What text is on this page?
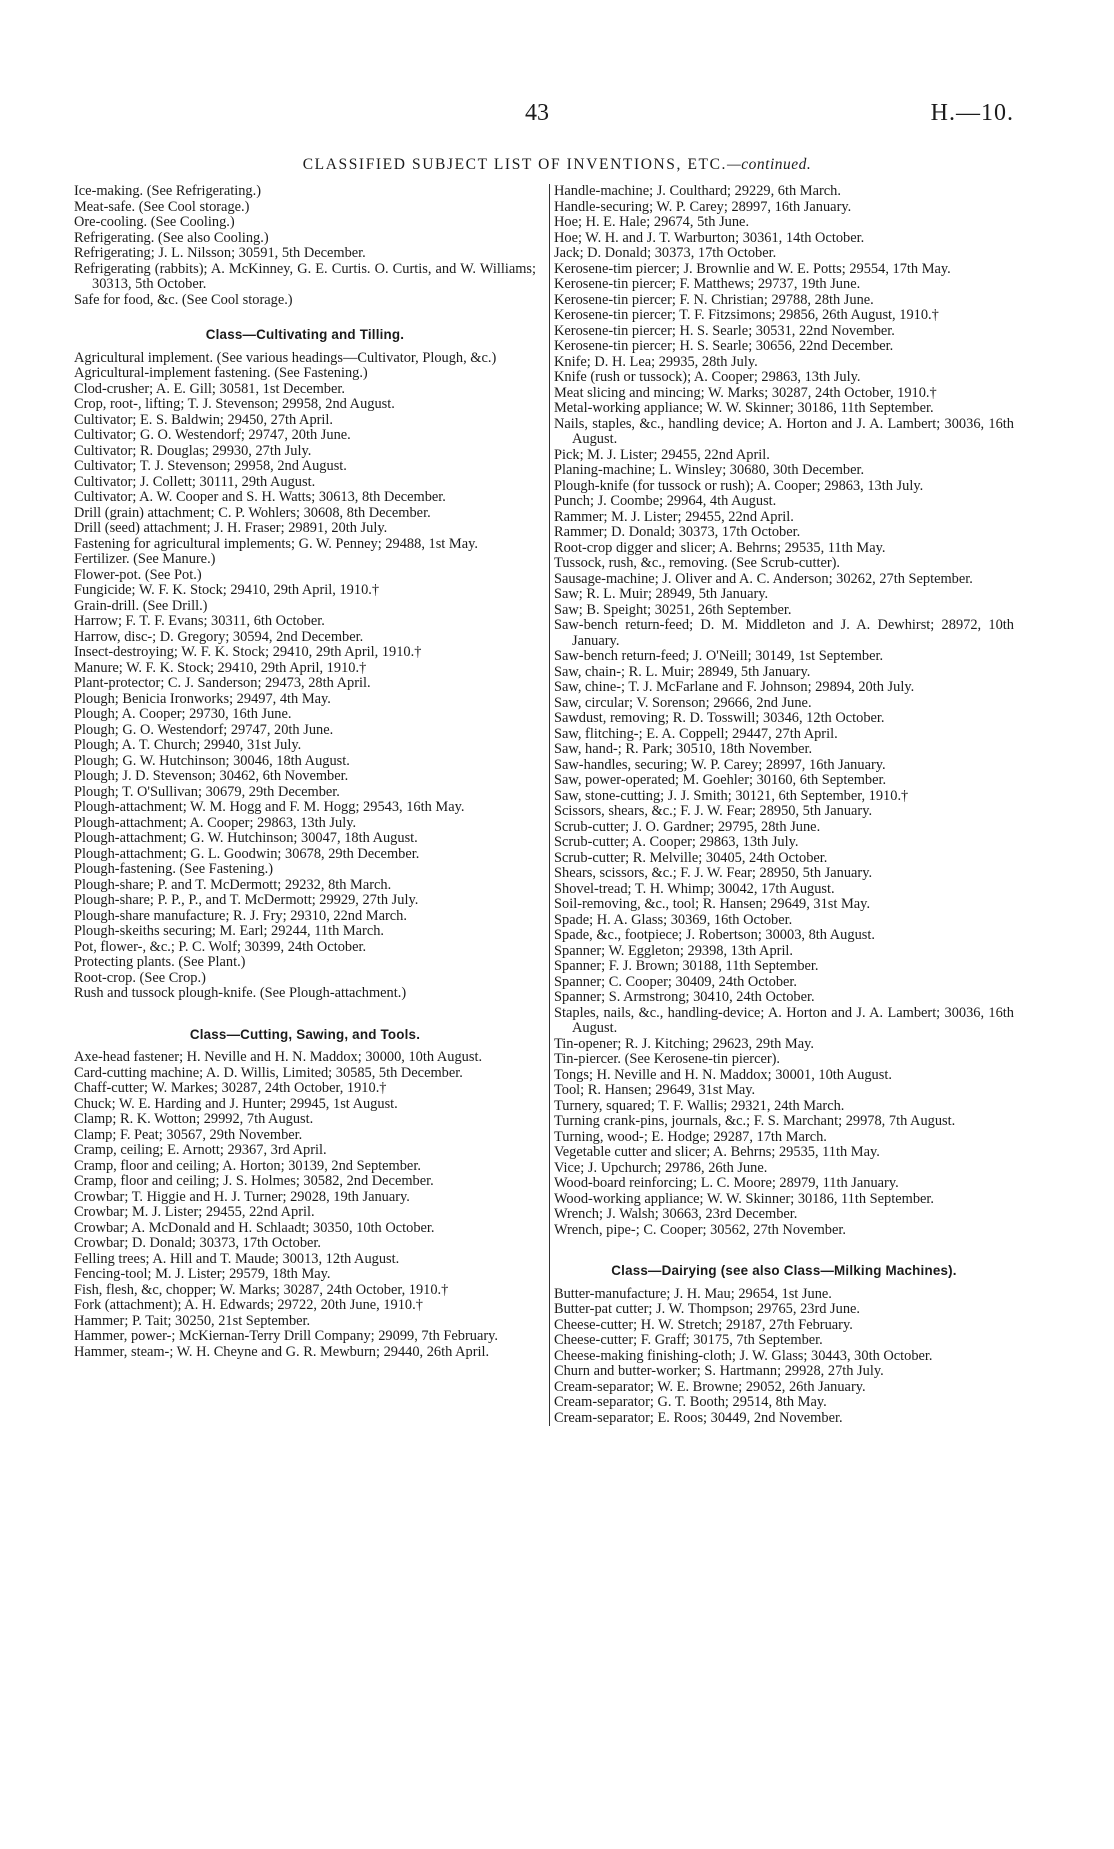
43	H.—10.
CLASSIFIED SUBJECT LIST OF INVENTIONS, ETC.—continued.

Ice-making. (See Refrigerating.)

Meat-safe. (See Cool storage.)

Ore-cooling. (See Cooling.)

Refrigerating. (See also Cooling.)

Refrigerating; J. L. Nilsson; 30591, 5th December.

Refrigerating (rabbits); A. McKinney, G. E. Curtis. O. Curtis, and W. Williams; 30313, 5th October.

Safe for food, &c. (See Cool storage.)

Class—Cultivating and Tilling.

Agricultural implement. (See various headings—Cultivator, Plough, &c.)

Agricultural-implement fastening. (See Fastening.)

Clod-crusher; A. E. Gill; 30581, 1st December.

Crop, root-, lifting; T. J. Stevenson; 29958, 2nd August.

Cultivator; E. S. Baldwin; 29450, 27th April.

Cultivator; G. O. Westendorf; 29747, 20th June.

Cultivator; R. Douglas; 29930, 27th July.

Cultivator; T. J. Stevenson; 29958, 2nd August.

Cultivator; J. Collett; 30111, 29th August.

Cultivator; A. W. Cooper and S. H. Watts; 30613, 8th December.

Drill (grain) attachment; C. P. Wohlers; 30608, 8th December.

Drill (seed) attachment; J. H. Fraser; 29891, 20th July.

Fastening for agricultural implements; G. W. Penney; 29488, 1st May.

Fertilizer. (See Manure.)

Flower-pot. (See Pot.)

Fungicide; W. F. K. Stock; 29410, 29th April, 1910.†

Grain-drill. (See Drill.)

Harrow; F. T. F. Evans; 30311, 6th October.

Harrow, disc-; D. Gregory; 30594, 2nd December.

Insect-destroying; W. F. K. Stock; 29410, 29th April, 1910.†

Manure; W. F. K. Stock; 29410, 29th April, 1910.†

Plant-protector; C. J. Sanderson; 29473, 28th April.

Plough; Benicia Ironworks; 29497, 4th May.

Plough; A. Cooper; 29730, 16th June.

Plough; G. O. Westendorf; 29747, 20th June.

Plough; A. T. Church; 29940, 31st July.

Plough; G. W. Hutchinson; 30046, 18th August.

Plough; J. D. Stevenson; 30462, 6th November.

Plough; T. O'Sullivan; 30679, 29th December.

Plough-attachment; W. M. Hogg and F. M. Hogg; 29543, 16th May.

Plough-attachment; A. Cooper; 29863, 13th July.

Plough-attachment; G. W. Hutchinson; 30047, 18th August.

Plough-attachment; G. L. Goodwin; 30678, 29th December.

Plough-fastening. (See Fastening.)

Plough-share; P. and T. McDermott; 29232, 8th March.

Plough-share; P. P., P., and T. McDermott; 29929, 27th July.

Plough-share manufacture; R. J. Fry; 29310, 22nd March.

Plough-skeiths securing; M. Earl; 29244, 11th March.

Pot, flower-, &c.; P. C. Wolf; 30399, 24th October.

Protecting plants. (See Plant.)

Root-crop. (See Crop.)

Rush and tussock plough-knife. (See Plough-attachment.)

Class—Cutting, Sawing, and Tools.

Axe-head fastener; H. Neville and H. N. Maddox; 30000, 10th August.

Card-cutting machine; A. D. Willis, Limited; 30585, 5th December.

Chaff-cutter; W. Markes; 30287, 24th October, 1910.†

Chuck; W. E. Harding and J. Hunter; 29945, 1st August.

Clamp; R. K. Wotton; 29992, 7th August.

Clamp; F. Peat; 30567, 29th November.

Cramp, ceiling; E. Arnott; 29367, 3rd April.

Cramp, floor and ceiling; A. Horton; 30139, 2nd September.

Cramp, floor and ceiling; J. S. Holmes; 30582, 2nd December.

Crowbar; T. Higgie and H. J. Turner; 29028, 19th January.

Crowbar; M. J. Lister; 29455, 22nd April.

Crowbar; A. McDonald and H. Schlaadt; 30350, 10th October.

Crowbar; D. Donald; 30373, 17th October.

Felling trees; A. Hill and T. Maude; 30013, 12th August.

Fencing-tool; M. J. Lister; 29579, 18th May.

Fish, flesh, &c, chopper; W. Marks; 30287, 24th October, 1910.†

Fork (attachment); A. H. Edwards; 29722, 20th June, 1910.†

Hammer; P. Tait; 30250, 21st September.

Hammer, power-; McKiernan-Terry Drill Company; 29099, 7th February.

Hammer, steam-; W. H. Cheyne and G. R. Mewburn; 29440, 26th April.

Handle-machine; J. Coulthard; 29229, 6th March.

Handle-securing; W. P. Carey; 28997, 16th January.

Hoe; H. E. Hale; 29674, 5th June.

Hoe; W. H. and J. T. Warburton; 30361, 14th October.

Jack; D. Donald; 30373, 17th October.

Kerosene-tim piercer; J. Brownlie and W. E. Potts; 29554, 17th May.

Kerosene-tin piercer; F. Matthews; 29737, 19th June.

Kerosene-tin piercer; F. N. Christian; 29788, 28th June.

Kerosene-tin piercer; T. F. Fitzsimons; 29856, 26th August, 1910.†

Kerosene-tin piercer; H. S. Searle; 30531, 22nd November.

Kerosene-tin piercer; H. S. Searle; 30656, 22nd December.

Knife; D. H. Lea; 29935, 28th July.

Knife (rush or tussock); A. Cooper; 29863, 13th July.

Meat slicing and mincing; W. Marks; 30287, 24th October, 1910.†

Metal-working appliance; W. W. Skinner; 30186, 11th September.

Nails, staples, &c., handling device; A. Horton and J. A. Lambert; 30036, 16th August.

Pick; M. J. Lister; 29455, 22nd April.

Planing-machine; L. Winsley; 30680, 30th December.

Plough-knife (for tussock or rush); A. Cooper; 29863, 13th July.

Punch; J. Coombe; 29964, 4th August.

Rammer; M. J. Lister; 29455, 22nd April.

Rammer; D. Donald; 30373, 17th October.

Root-crop digger and slicer; A. Behrns; 29535, 11th May.

Tussock, rush, &c., removing. (See Scrub-cutter).

Sausage-machine; J. Oliver and A. C. Anderson; 30262, 27th September.

Saw; R. L. Muir; 28949, 5th January.

Saw; B. Speight; 30251, 26th September.

Saw-bench return-feed; D. M. Middleton and J. A. Dewhirst; 28972, 10th January.

Saw-bench return-feed; J. O'Neill; 30149, 1st September.

Saw, chain-; R. L. Muir; 28949, 5th January.

Saw, chine-; T. J. McFarlane and F. Johnson; 29894, 20th July.

Saw, circular; V. Sorenson; 29666, 2nd June.

Sawdust, removing; R. D. Tosswill; 30346, 12th October.

Saw, flitching-; E. A. Coppell; 29447, 27th April.

Saw, hand-; R. Park; 30510, 18th November.

Saw-handles, securing; W. P. Carey; 28997, 16th January.

Saw, power-operated; M. Goehler; 30160, 6th September.

Saw, stone-cutting; J. J. Smith; 30121, 6th September, 1910.†

Scissors, shears, &c.; F. J. W. Fear; 28950, 5th January.

Scrub-cutter; J. O. Gardner; 29795, 28th June.

Scrub-cutter; A. Cooper; 29863, 13th July.

Scrub-cutter; R. Melville; 30405, 24th October.

Shears, scissors, &c.; F. J. W. Fear; 28950, 5th January.

Shovel-tread; T. H. Whimp; 30042, 17th August.

Soil-removing, &c., tool; R. Hansen; 29649, 31st May.

Spade; H. A. Glass; 30369, 16th October.

Spade, &c., footpiece; J. Robertson; 30003, 8th August.

Spanner; W. Eggleton; 29398, 13th April.

Spanner; F. J. Brown; 30188, 11th September.

Spanner; C. Cooper; 30409, 24th October.

Spanner; S. Armstrong; 30410, 24th October.

Staples, nails, &c., handling-device; A. Horton and J. A. Lambert; 30036, 16th August.

Tin-opener; R. J. Kitching; 29623, 29th May.

Tin-piercer. (See Kerosene-tin piercer).

Tongs; H. Neville and H. N. Maddox; 30001, 10th August.

Tool; R. Hansen; 29649, 31st May.

Turnery, squared; T. F. Wallis; 29321, 24th March.

Turning crank-pins, journals, &c.; F. S. Marchant; 29978, 7th August.

Turning, wood-; E. Hodge; 29287, 17th March.

Vegetable cutter and slicer; A. Behrns; 29535, 11th May.

Vice; J. Upchurch; 29786, 26th June.

Wood-board reinforcing; L. C. Moore; 28979, 11th January.

Wood-working appliance; W. W. Skinner; 30186, 11th September.

Wrench; J. Walsh; 30663, 23rd December.

Wrench, pipe-; C. Cooper; 30562, 27th November.

Class—Dairying (see also Class—Milking Machines).

Butter-manufacture; J. H. Mau; 29654, 1st June.

Butter-pat cutter; J. W. Thompson; 29765, 23rd June.

Cheese-cutter; H. W. Stretch; 29187, 27th February.

Cheese-cutter; F. Graff; 30175, 7th September.

Cheese-making finishing-cloth; J. W. Glass; 30443, 30th October.

Churn and butter-worker; S. Hartmann; 29928, 27th July.

Cream-separator; W. E. Browne; 29052, 26th January.

Cream-separator; G. T. Booth; 29514, 8th May.

Cream-separator; E. Roos; 30449, 2nd November.
